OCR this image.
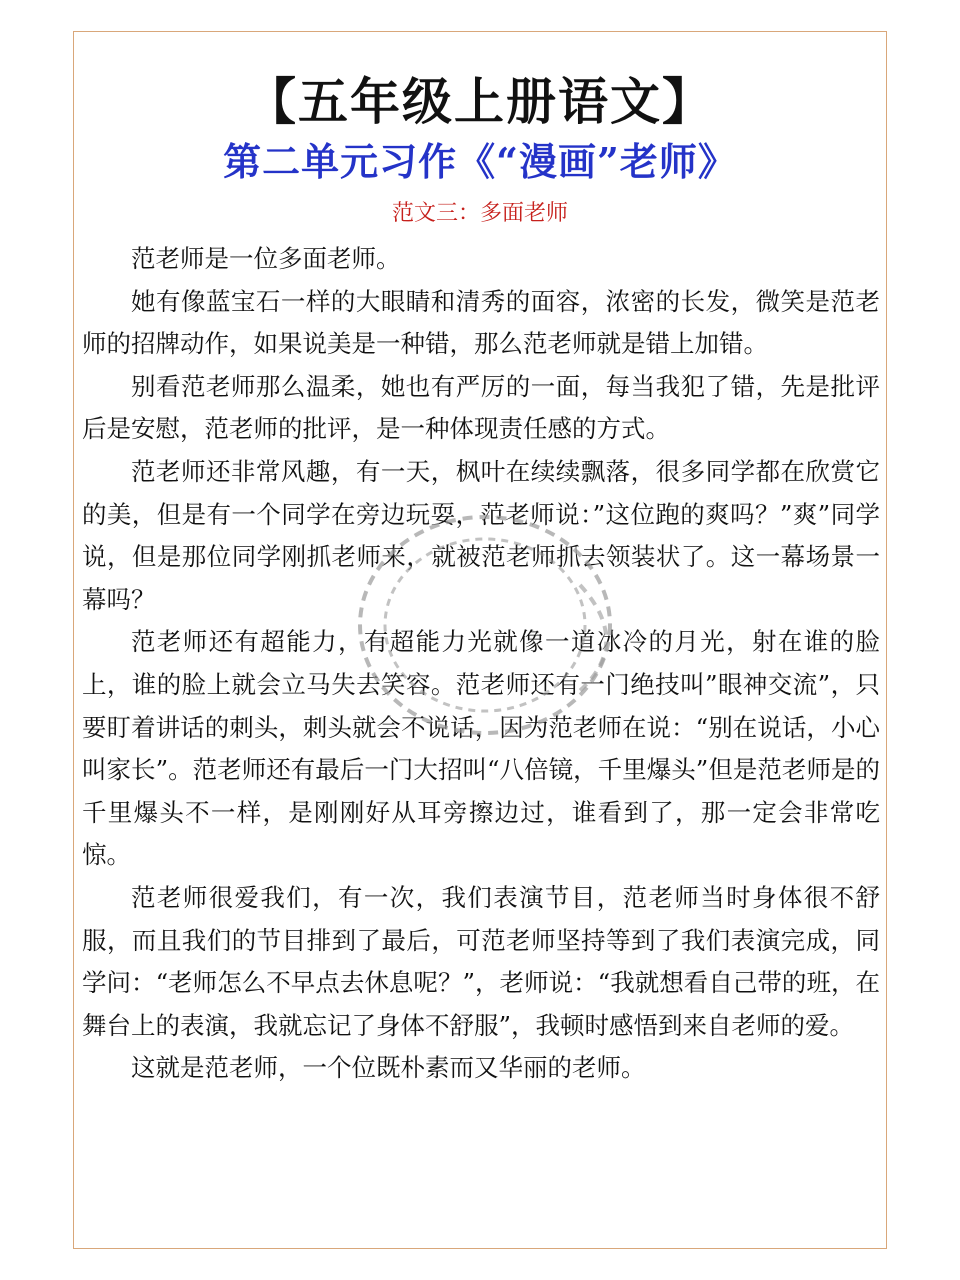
【五年级上册语文】
第二单元习作《“漫画”老师》
范文三：多面老师

范老师是一位多面老师。

她有像蓝宝石一样的大眼睛和清秀的面容，浓密的长发，微笑是范老师的招牌动作，如果说美是一种错，那么范老师就是错上加错。

别看范老师那么温柔，她也有严厉的一面，每当我犯了错，先是批评后是安慰，范老师的批评，是一种体现责任感的方式。

范老师还非常风趣，有一天，枫叶在续续飘落，很多同学都在欣赏它的美，但是有一个同学在旁边玩耍，范老师说：”这位跑的爽吗？”爽”同学说，但是那位同学刚抓老师来，就被范老师抓去领装状了。这一幕场景一幕吗？

范老师还有超能力，有超能力光就像一道冰冷的月光，射在谁的脸上，谁的脸上就会立马失去笑容。范老师还有一门绝技叫”眼神交流”，只要盯着讲话的刺头，刺头就会不说话，因为范老师在说：“别在说话，小心叫家长”。范老师还有最后一门大招叫“八倍镜，千里爆头”但是范老师是的千里爆头不一样，是刚刚好从耳旁擦边过，谁看到了，那一定会非常吃惊。

范老师很爱我们，有一次，我们表演节目，范老师当时身体很不舒服，而且我们的节目排到了最后，可范老师坚持等到了我们表演完成，同学问：“老师怎么不早点去休息呢？”，老师说：“我就想看自己带的班，在舞台上的表演，我就忘记了身体不舒服”，我顿时感悟到来自老师的爱。

这就是范老师，一个位既朴素而又华丽的老师。
